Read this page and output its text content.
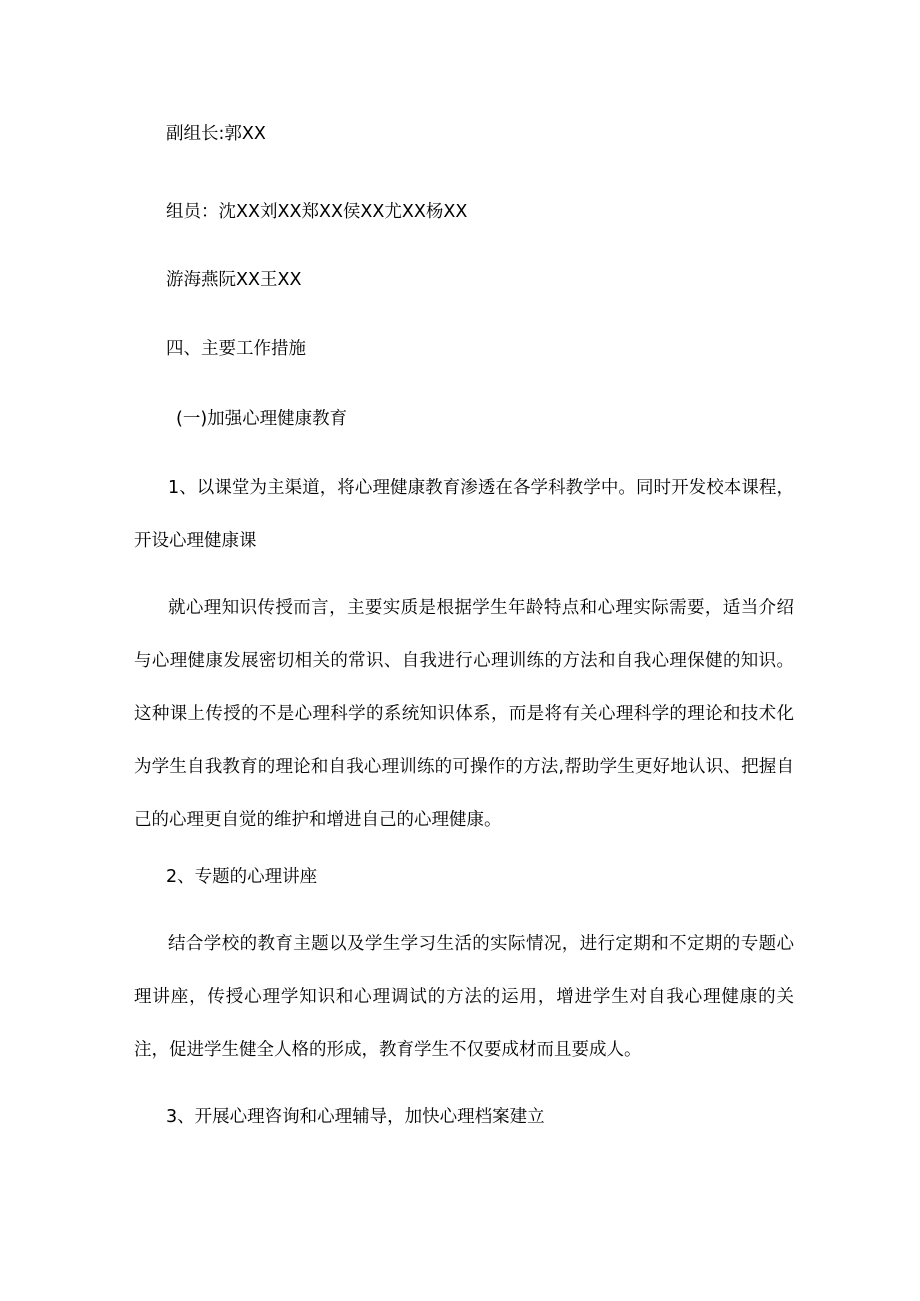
副组长:郭XX
组员：沈XX刘XX郑XX侯XX尤XX杨XX
游海燕阮XX王XX
四、主要工作措施
(一)加强心理健康教育
1、以课堂为主渠道，将心理健康教育渗透在各学科教学中。同时开发校本课程，开设心理健康课
就心理知识传授而言，主要实质是根据学生年龄特点和心理实际需要，适当介绍与心理健康发展密切相关的常识、自我进行心理训练的方法和自我心理保健的知识。这种课上传授的不是心理科学的系统知识体系，而是将有关心理科学的理论和技术化为学生自我教育的理论和自我心理训练的可操作的方法,帮助学生更好地认识、把握自己的心理更自觉的维护和增进自己的心理健康。
2、专题的心理讲座
结合学校的教育主题以及学生学习生活的实际情况，进行定期和不定期的专题心理讲座，传授心理学知识和心理调试的方法的运用，增进学生对自我心理健康的关注，促进学生健全人格的形成，教育学生不仅要成材而且要成人。
3、开展心理咨询和心理辅导，加快心理档案建立
